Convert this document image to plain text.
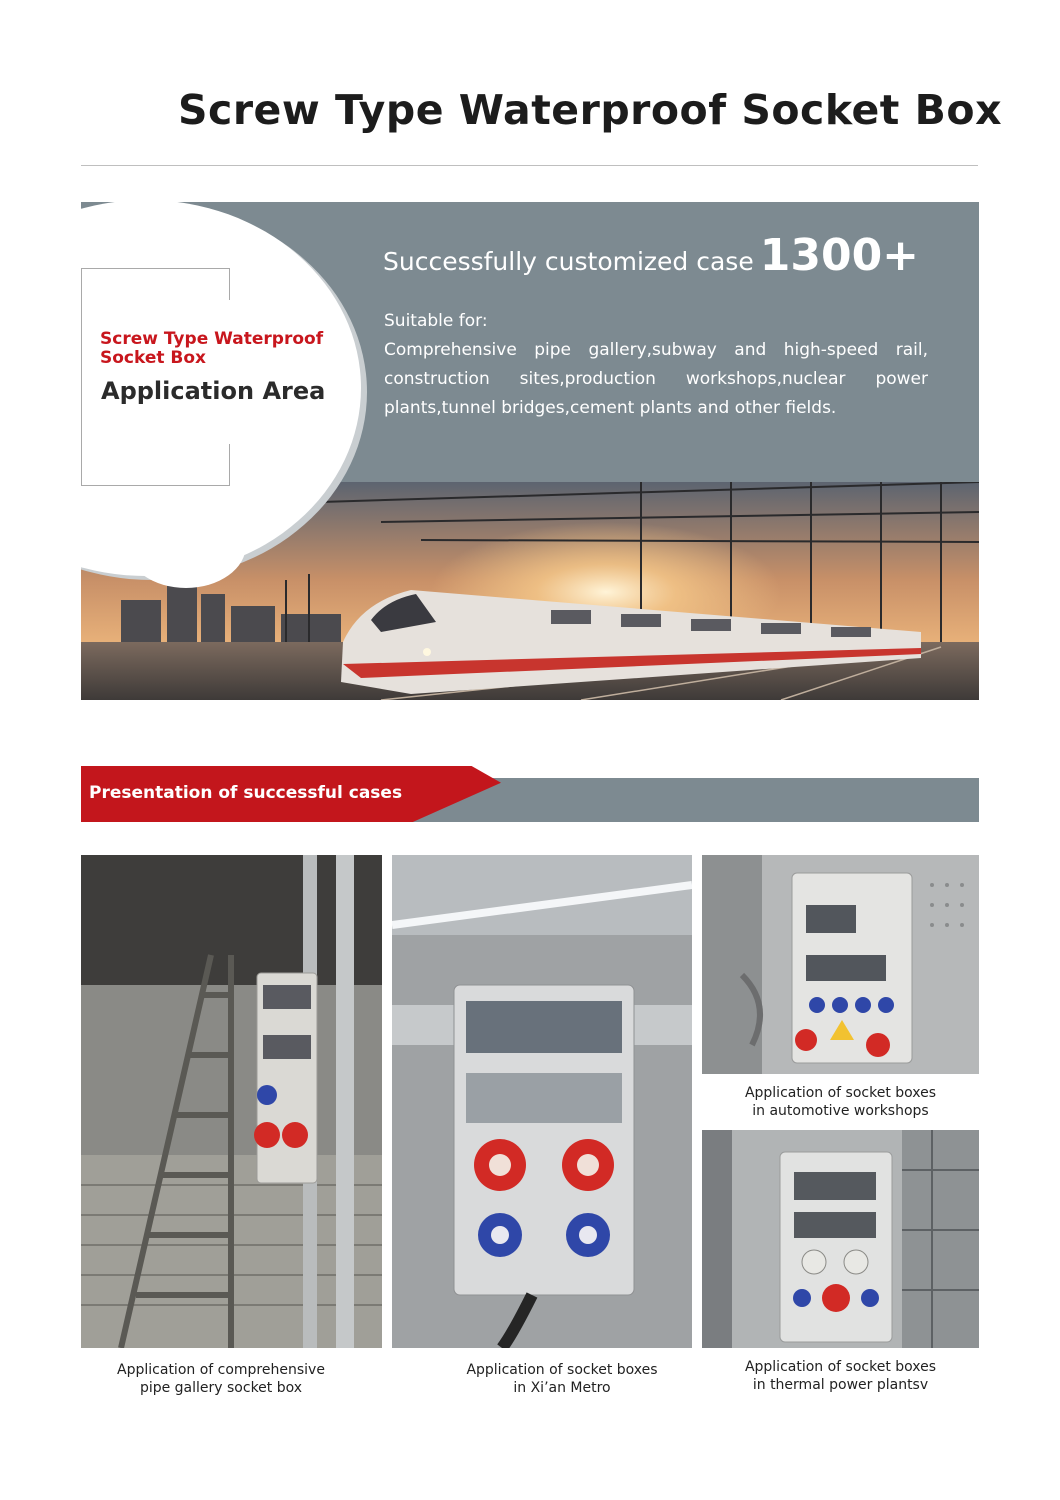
Screw Type Waterproof Socket Box
Screw Type Waterproof Socket Box
Application Area
Successfully customized case 1300+
Suitable for:
Comprehensive pipe gallery,subway and high-speed rail, construction sites,production workshops,nuclear power plants,tunnel bridges,cement plants and other fields.
Presentation of successful cases
Application of comprehensive
pipe gallery socket box
Application of socket boxes
in Xi’an Metro
Application of socket boxes
in automotive workshops
Application of socket boxes
in thermal power plantsv
